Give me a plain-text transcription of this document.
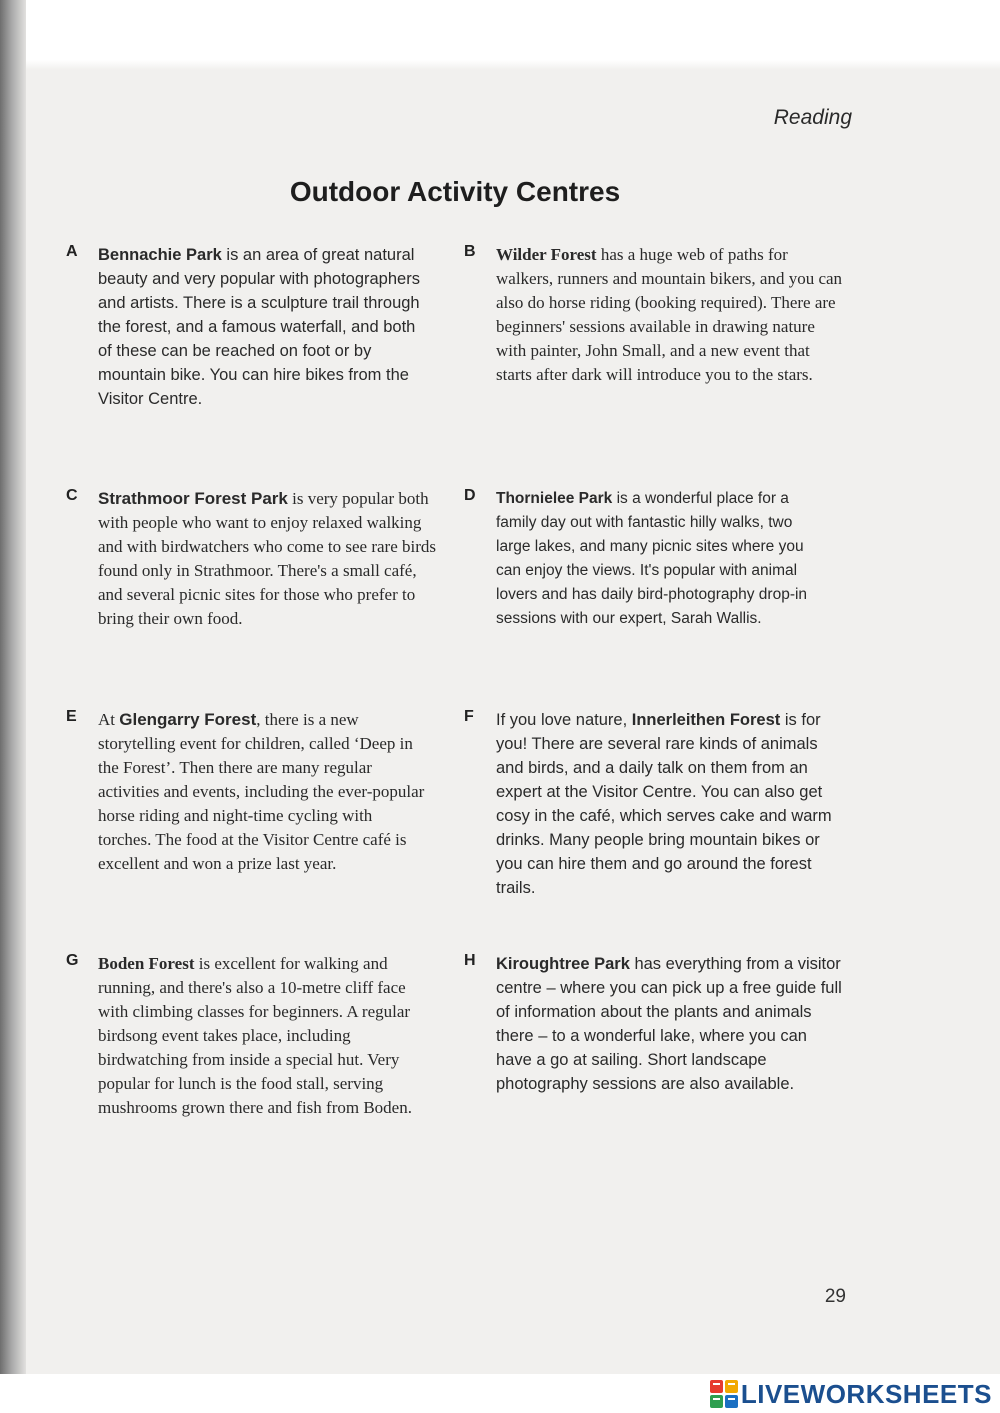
Reading
Outdoor Activity Centres
A Bennachie Park is an area of great natural beauty and very popular with photographers and artists. There is a sculpture trail through the forest, and a famous waterfall, and both of these can be reached on foot or by mountain bike. You can hire bikes from the Visitor Centre.
B Wilder Forest has a huge web of paths for walkers, runners and mountain bikers, and you can also do horse riding (booking required). There are beginners' sessions available in drawing nature with painter, John Small, and a new event that starts after dark will introduce you to the stars.
C Strathmoor Forest Park is very popular both with people who want to enjoy relaxed walking and with birdwatchers who come to see rare birds found only in Strathmoor. There's a small café, and several picnic sites for those who prefer to bring their own food.
D Thornielee Park is a wonderful place for a family day out with fantastic hilly walks, two large lakes, and many picnic sites where you can enjoy the views. It's popular with animal lovers and has daily bird-photography drop-in sessions with our expert, Sarah Wallis.
E At Glengarry Forest, there is a new storytelling event for children, called ‘Deep in the Forest’. Then there are many regular activities and events, including the ever-popular horse riding and night-time cycling with torches. The food at the Visitor Centre café is excellent and won a prize last year.
F If you love nature, Innerleithen Forest is for you! There are several rare kinds of animals and birds, and a daily talk on them from an expert at the Visitor Centre. You can also get cosy in the café, which serves cake and warm drinks. Many people bring mountain bikes or you can hire them and go around the forest trails.
G Boden Forest is excellent for walking and running, and there's also a 10-metre cliff face with climbing classes for beginners. A regular birdsong event takes place, including birdwatching from inside a special hut. Very popular for lunch is the food stall, serving mushrooms grown there and fish from Boden.
H Kiroughtree Park has everything from a visitor centre – where you can pick up a free guide full of information about the plants and animals there – to a wonderful lake, where you can have a go at sailing. Short landscape photography sessions are also available.
29
LIVEWORKSHEETS
